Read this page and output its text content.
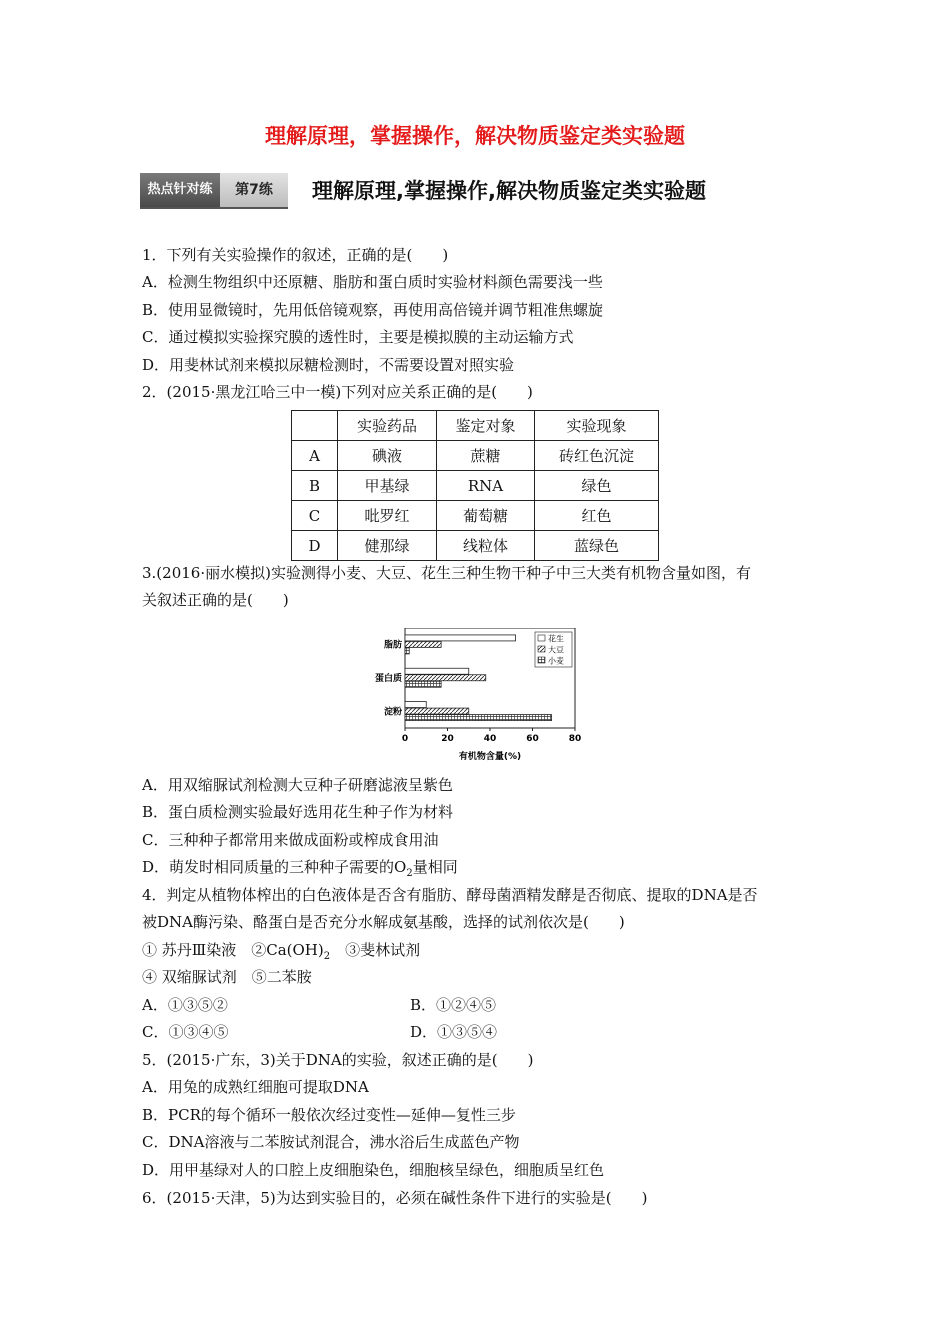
理解原理，掌握操作，解决物质鉴定类实验题
热点针对练	第7练	理解原理,掌握操作,解决物质鉴定类实验题
1．下列有关实验操作的叙述，正确的是(　　)
A．检测生物组织中还原糖、脂肪和蛋白质时实验材料颜色需要浅一些
B．使用显微镜时，先用低倍镜观察，再使用高倍镜并调节粗准焦螺旋
C．通过模拟实验探究膜的透性时，主要是模拟膜的主动运输方式
D．用斐林试剂来模拟尿糖检测时，不需要设置对照实验
2．(2015·黑龙江哈三中一模)下列对应关系正确的是(　　)
	实验药品	鉴定对象	实验现象
A	碘液	蔗糖	砖红色沉淀
B	甲基绿	RNA	绿色
C	吡罗红	葡萄糖	红色
D	健那绿	线粒体	蓝绿色
3.(2016·丽水模拟)实验测得小麦、大豆、花生三种生物干种子中三大类有机物含量如图，有
关叙述正确的是(　　)
脂肪
蛋白质
淀粉
0	20	40	60	80
花生
大豆
小麦
有机物含量(%)
A．用双缩脲试剂检测大豆种子研磨滤液呈紫色
B．蛋白质检测实验最好选用花生种子作为材料
C．三种种子都常用来做成面粉或榨成食用油
D．萌发时相同质量的三种种子需要的$O_2$量相同
4．判定从植物体榨出的白色液体是否含有脂肪、酵母菌酒精发酵是否彻底、提取的DNA是否
被DNA酶污染、酪蛋白是否充分水解成氨基酸，选择的试剂依次是(　　)
① 苏丹Ⅲ染液　$②Ca(OH)_2$　③斐林试剂
④ 双缩脲试剂　⑤二苯胺
A．①③⑤②	B．①②④⑤
C．①③④⑤	D．①③⑤④
5．(2015·广东，3)关于DNA的实验，叙述正确的是(　　)
A．用兔的成熟红细胞可提取DNA
B．PCR的每个循环一般依次经过变性—延伸—复性三步
C．DNA溶液与二苯胺试剂混合，沸水浴后生成蓝色产物
D．用甲基绿对人的口腔上皮细胞染色，细胞核呈绿色，细胞质呈红色
6．(2015·天津，5)为达到实验目的，必须在碱性条件下进行的实验是(　　)
